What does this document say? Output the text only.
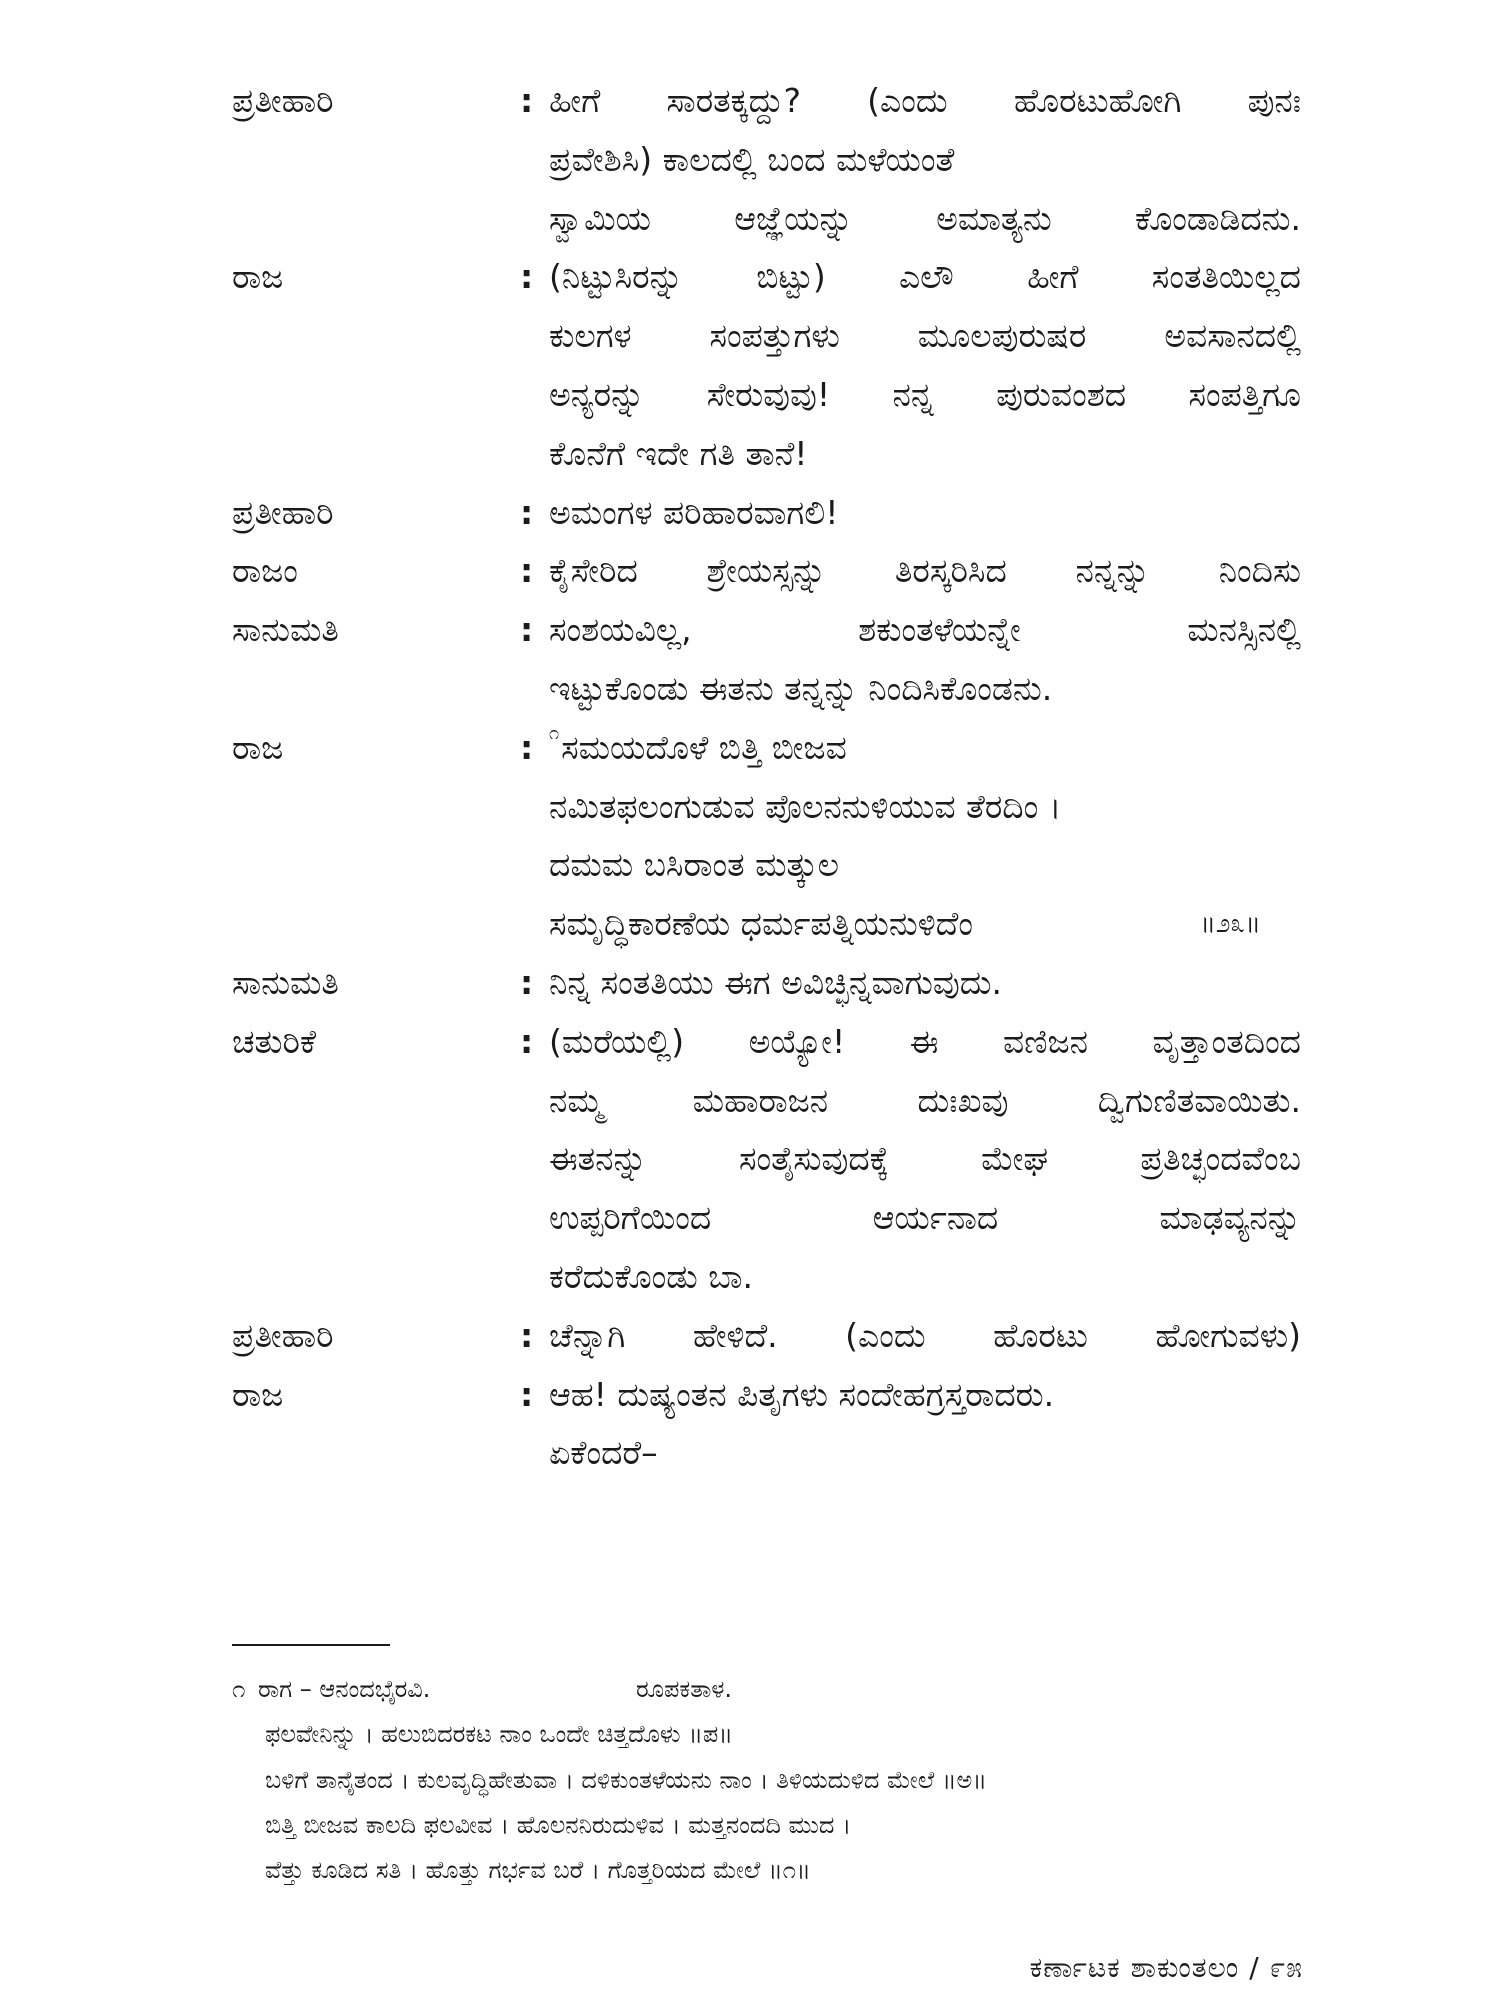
ಪ್ರತೀಹಾರಿ	: ಹೀಗೆ ಸಾರತಕ್ಕದ್ದು? (ಎಂದು ಹೊರಟುಹೋಗಿ ಪುನಃ
ಪ್ರವೇಶಿಸಿ) ಕಾಲದಲ್ಲಿ ಬಂದ ಮಳೆಯಂತೆ
ಸ್ವಾಮಿಯ ಆಜ್ಞೆಯನ್ನು ಅಮಾತ್ಯನು ಕೊಂಡಾಡಿದನು.
ರಾಜ	: (ನಿಟ್ಟುಸಿರನ್ನು ಬಿಟ್ಟು) ಎಲೌ ಹೀಗೆ ಸಂತತಿಯಿಲ್ಲದ
ಕುಲಗಳ ಸಂಪತ್ತುಗಳು ಮೂಲಪುರುಷರ ಅವಸಾನದಲ್ಲಿ
ಅನ್ಯರನ್ನು ಸೇರುವುವು! ನನ್ನ ಪುರುವಂಶದ ಸಂಪತ್ತಿಗೂ
ಕೊನೆಗೆ ಇದೇ ಗತಿ ತಾನೆ!
ಪ್ರತೀಹಾರಿ	: ಅಮಂಗಳ ಪರಿಹಾರವಾಗಲಿ!
ರಾಜಂ	: ಕೈಸೇರಿದ ಶ್ರೇಯಸ್ಸನ್ನು ತಿರಸ್ಕರಿಸಿದ ನನ್ನನ್ನು ನಿಂದಿಸು
ಸಾನುಮತಿ	: ಸಂಶಯವಿಲ್ಲ, ಶಕುಂತಳೆಯನ್ನೇ ಮನಸ್ಸಿನಲ್ಲಿ
ಇಟ್ಟುಕೊಂಡು ಈತನು ತನ್ನನ್ನು ನಿಂದಿಸಿಕೊಂಡನು.
ರಾಜ	: $^೧$ಸಮಯದೊಳೆ ಬಿತ್ತಿ ಬೀಜವ
ನಮಿತಫಲಂಗುಡುವ ಪೊಲನನುಳಿಯುವ ತೆರದಿಂ ।
ದಮಮ ಬಸಿರಾಂತ ಮತ್ಕುಲ
ಸಮೃದ್ಧಿಕಾರಣೆಯ ಧರ್ಮಪತ್ನಿಯನುಳಿದೆಂ	॥೨೩॥
ಸಾನುಮತಿ	: ನಿನ್ನ ಸಂತತಿಯು ಈಗ ಅವಿಚ್ಛಿನ್ನವಾಗುವುದು.
ಚತುರಿಕೆ	: (ಮರೆಯಲ್ಲಿ) ಅಯ್ಯೋ! ಈ ವಣಿಜನ ವೃತ್ತಾಂತದಿಂದ
ನಮ್ಮ ಮಹಾರಾಜನ ದುಃಖವು ದ್ವಿಗುಣಿತವಾಯಿತು.
ಈತನನ್ನು ಸಂತೈಸುವುದಕ್ಕೆ ಮೇಘ ಪ್ರತಿಚ್ಛಂದವೆಂಬ
ಉಪ್ಪರಿಗೆಯಿಂದ ಆರ್ಯನಾದ ಮಾಢವ್ಯನನ್ನು
ಕರೆದುಕೊಂಡು ಬಾ.
ಪ್ರತೀಹಾರಿ	: ಚೆನ್ನಾಗಿ ಹೇಳಿದೆ. (ಎಂದು ಹೊರಟು ಹೋಗುವಳು)
ರಾಜ	: ಆಹ! ದುಷ್ಯಂತನ ಪಿತೃಗಳು ಸಂದೇಹಗ್ರಸ್ತರಾದರು.
ಏಕೆಂದರೆ–
೧ ರಾಗ – ಆನಂದಭೈರವಿ.	ರೂಪಕತಾಳ.
ಫಲವೇನಿನ್ನು । ಹಲುಬಿದರಕಟ ನಾಂ ಒಂದೇ ಚಿತ್ತದೊಳು ॥ಪ॥
ಬಳಿಗೆ ತಾನೈತಂದ । ಕುಲವೃದ್ಧಿಹೇತುವಾ । ದಳಿಕುಂತಳೆಯನು ನಾಂ । ತಿಳಿಯದುಳಿದ ಮೇಲೆ ॥ಅ॥
ಬಿತ್ತಿ ಬೀಜವ ಕಾಲದಿ ಫಲವೀವ । ಹೊಲನನಿರುದುಳಿವ । ಮತ್ತನಂದದಿ ಮುದ ।
ವೆತ್ತು ಕೂಡಿದ ಸತಿ । ಹೊತ್ತು ಗರ್ಭವ ಬರೆ । ಗೊತ್ತರಿಯದ ಮೇಲೆ ॥೧॥
ಕರ್ಣಾಟಕ ಶಾಕುಂತಲಂ / ೯೫
